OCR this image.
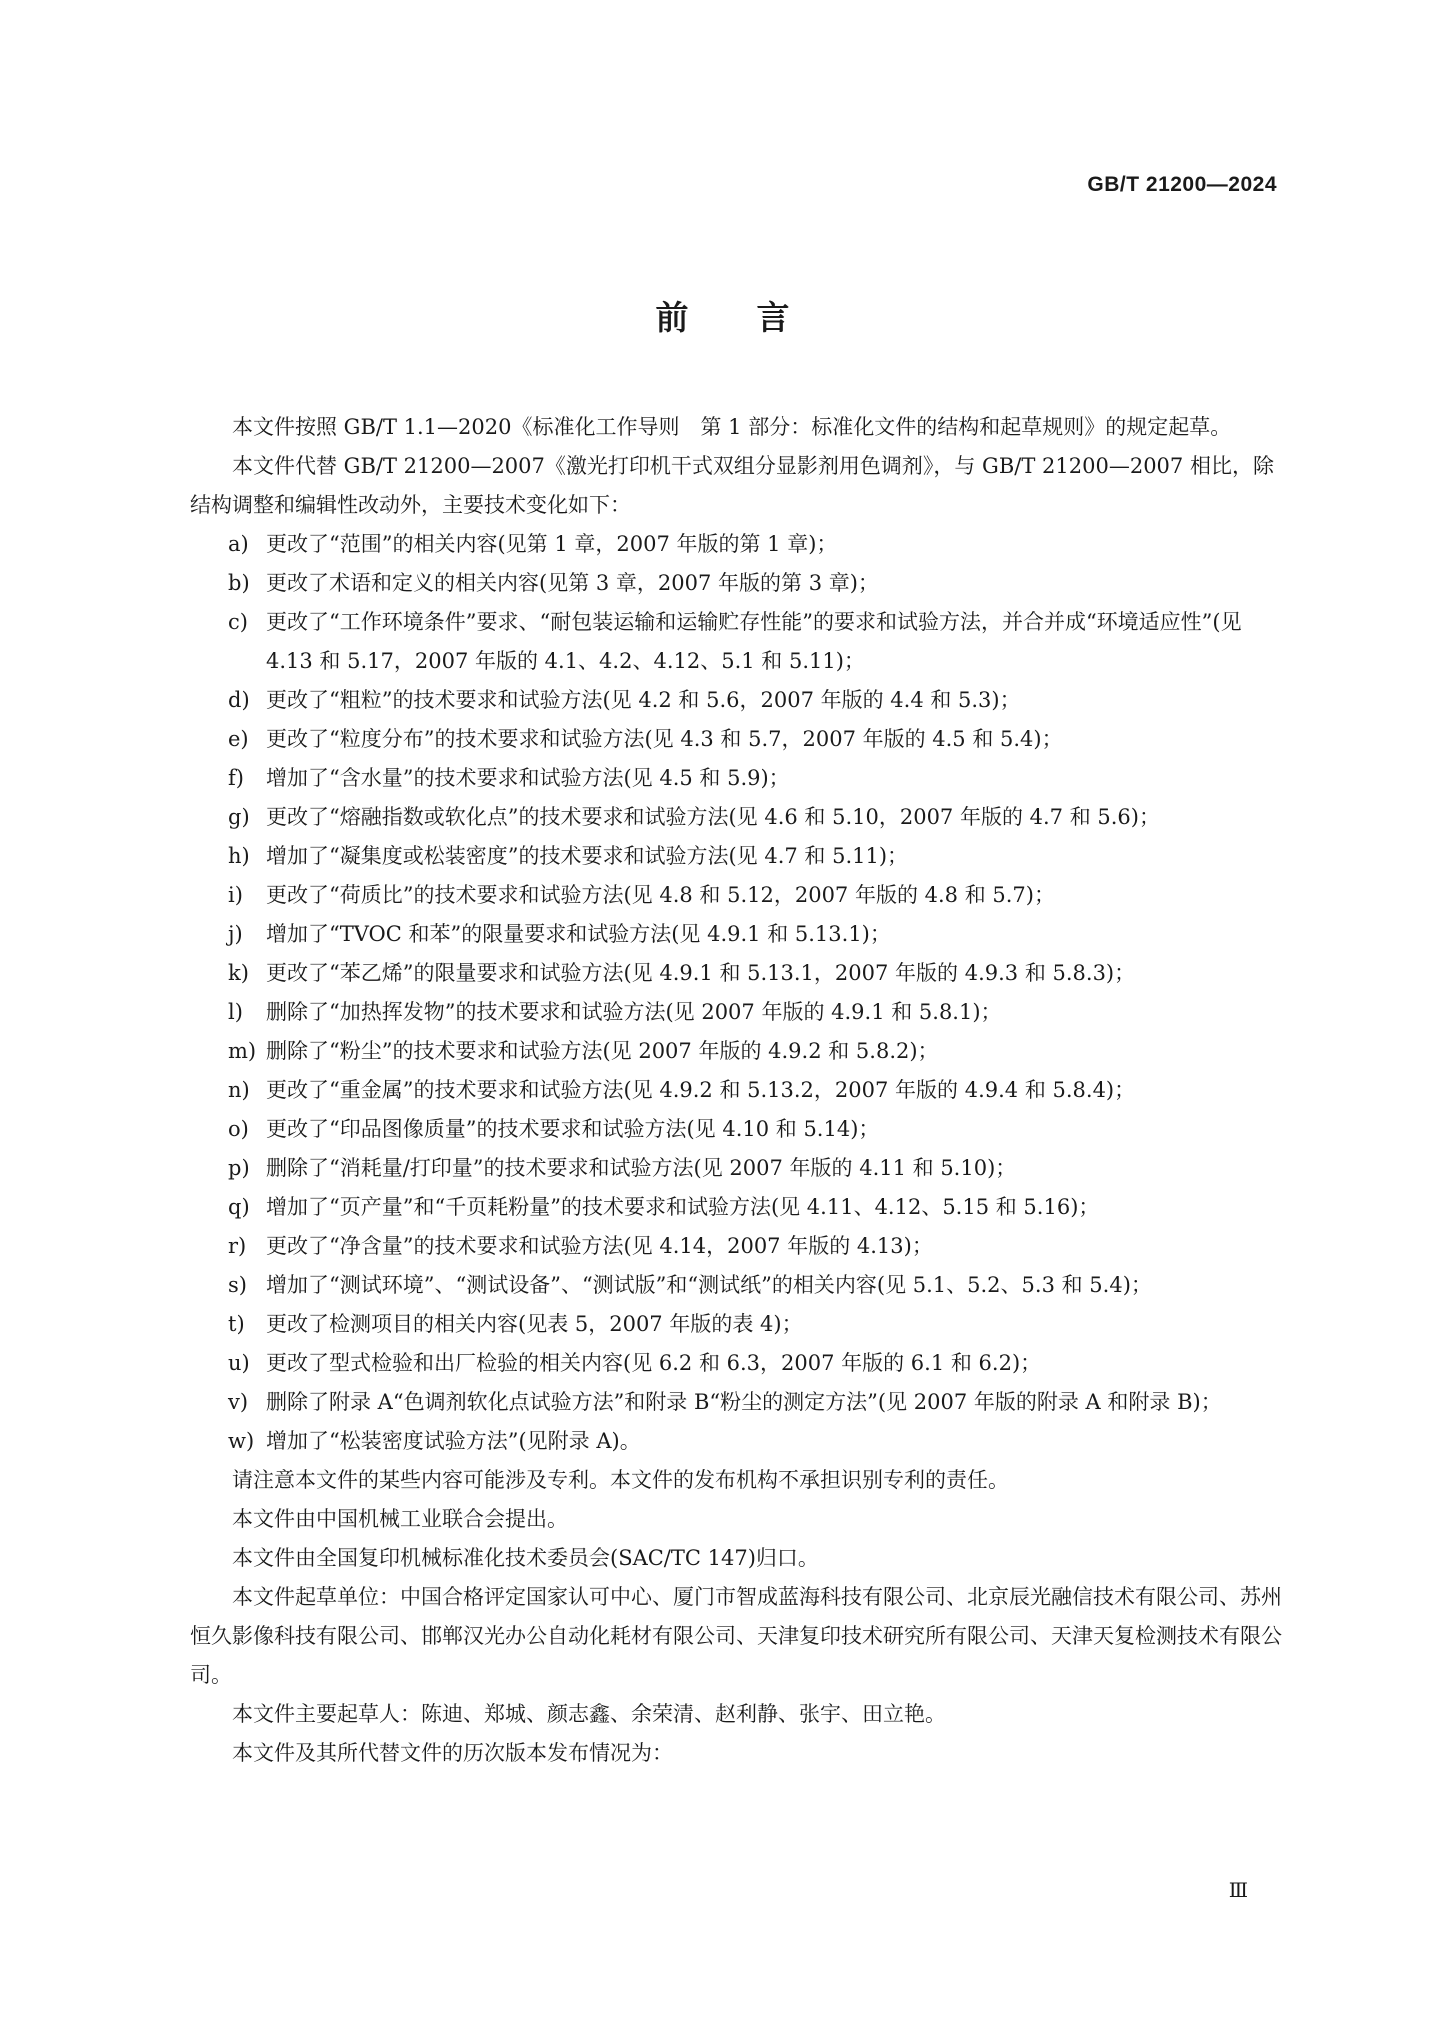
GB/T 21200—2024
前言

本文件按照 GB/T 1.1—2020《标准化工作导则　第 1 部分：标准化文件的结构和起草规则》的规定起草。

本文件代替 GB/T 21200—2007《激光打印机干式双组分显影剂用色调剂》，与 GB/T 21200—2007 相比，除结构调整和编辑性改动外，主要技术变化如下：

a) 更改了“范围”的相关内容(见第 1 章，2007 年版的第 1 章)；
b) 更改了术语和定义的相关内容(见第 3 章，2007 年版的第 3 章)；
c) 更改了“工作环境条件”要求、“耐包装运输和运输贮存性能”的要求和试验方法，并合并成“环境适应性”(见 4.13 和 5.17，2007 年版的 4.1、4.2、4.12、5.1 和 5.11)；
d) 更改了“粗粒”的技术要求和试验方法(见 4.2 和 5.6，2007 年版的 4.4 和 5.3)；
e) 更改了“粒度分布”的技术要求和试验方法(见 4.3 和 5.7，2007 年版的 4.5 和 5.4)；
f)	增加了“含水量”的技术要求和试验方法(见 4.5 和 5.9)；
g) 更改了“熔融指数或软化点”的技术要求和试验方法(见 4.6 和 5.10，2007 年版的 4.7 和 5.6)；
h) 增加了“凝集度或松装密度”的技术要求和试验方法(见 4.7 和 5.11)；
i)	更改了“荷质比”的技术要求和试验方法(见 4.8 和 5.12，2007 年版的 4.8 和 5.7)；
j)	增加了“TVOC 和苯”的限量要求和试验方法(见 4.9.1 和 5.13.1)；
k) 更改了“苯乙烯”的限量要求和试验方法(见 4.9.1 和 5.13.1，2007 年版的 4.9.3 和 5.8.3)；
l)	删除了“加热挥发物”的技术要求和试验方法(见 2007 年版的 4.9.1 和 5.8.1)；
m) 删除了“粉尘”的技术要求和试验方法(见 2007 年版的 4.9.2 和 5.8.2)；
n) 更改了“重金属”的技术要求和试验方法(见 4.9.2 和 5.13.2，2007 年版的 4.9.4 和 5.8.4)；
o) 更改了“印品图像质量”的技术要求和试验方法(见 4.10 和 5.14)；
p) 删除了“消耗量/打印量”的技术要求和试验方法(见 2007 年版的 4.11 和 5.10)；
q) 增加了“页产量”和“千页耗粉量”的技术要求和试验方法(见 4.11、4.12、5.15 和 5.16)；
r) 更改了“净含量”的技术要求和试验方法(见 4.14，2007 年版的 4.13)；
s) 增加了“测试环境”、“测试设备”、“测试版”和“测试纸”的相关内容(见 5.1、5.2、5.3 和 5.4)；
t)	更改了检测项目的相关内容(见表 5，2007 年版的表 4)；
u) 更改了型式检验和出厂检验的相关内容(见 6.2 和 6.3，2007 年版的 6.1 和 6.2)；
v) 删除了附录 A“色调剂软化点试验方法”和附录 B“粉尘的测定方法”(见 2007 年版的附录 A 和附录 B)；
w) 增加了“松装密度试验方法”(见附录 A)。

请注意本文件的某些内容可能涉及专利。本文件的发布机构不承担识别专利的责任。

本文件由中国机械工业联合会提出。

本文件由全国复印机械标准化技术委员会(SAC/TC 147)归口。

本文件起草单位：中国合格评定国家认可中心、厦门市智成蓝海科技有限公司、北京辰光融信技术有限公司、苏州恒久影像科技有限公司、邯郸汉光办公自动化耗材有限公司、天津复印技术研究所有限公司、天津天复检测技术有限公司。

本文件主要起草人：陈迪、郑城、颜志鑫、余荣清、赵利静、张宇、田立艳。

本文件及其所代替文件的历次版本发布情况为：

Ⅲ
